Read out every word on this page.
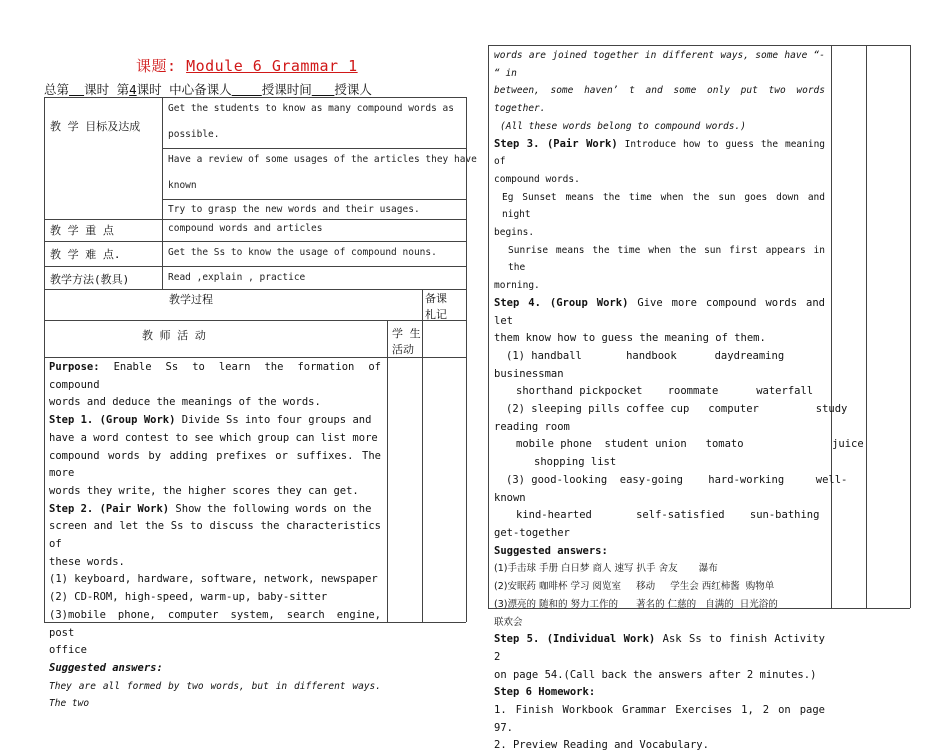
课题: Module 6 Grammar 1
总第 课时 第4课时 中心备课人 授课时间 授课人
教 学 目标及达成
Get the students to know as many compound words as
possible.
Have a review of some usages of the articles they have
known
Try to grasp the new words and their usages.
教 学 重 点	compound words and articles
教 学 难 点.	Get the Ss to know the usage of compound nouns.
教学方法(教具)	Read ,explain , practice
教学过程	备课
札记
教 师 活 动	学 生
活动

Purpose: Enable Ss to learn the formation of compound

words and deduce the meanings of the words.

Step 1. (Group Work) Divide Ss into four groups and

have a word contest to see which group can list more

compound words by adding prefixes or suffixes. The more

words they write, the higher scores they can get.

Step 2. (Pair Work) Show the following words on the

screen and let the Ss to discuss the characteristics of

these words.

(1) keyboard, hardware, software, network, newspaper

(2) CD-ROM, high-speed, warm-up, baby-sitter

(3)mobile phone, computer system, search engine, post

office

Suggested answers:

They are all formed by two words, but in different ways. The two

words are joined together in different ways, some have “- “ in

between, some haven’ t and some only put two words together.

(All these words belong to compound words.)

Step 3. (Pair Work) Introduce how to guess the meaning of

compound words.

Eg Sunset means the time when the sun goes down and night

begins.

Sunrise means the time when the sun first appears in the

morning.

Step 4. (Group Work) Give more compound words and let

them know how to guess the meaning of them.

(1) handball       handbook      daydreaming

businessman

shorthand pickpocket    roommate      waterfall

(2) sleeping pills coffee cup   computer         study

reading room

mobile phone  student union   tomato              juice

shopping list

(3) good-looking  easy-going    hard-working     well-

known

kind-hearted       self-satisfied    sun-bathing

get-together

Suggested answers:

(1)手击球 手册 白日梦 商人 速写 扒手 舍友       瀑布

(2)安眠药 咖啡杯 学习 阅览室     移动     学生会 西红柿酱  购物单

(3)漂亮的 随和的 努力工作的      著名的 仁慈的   自满的  日光浴的

联欢会

Step 5. (Individual Work) Ask Ss to finish Activity 2

on page 54.(Call back the answers after 2 minutes.)

Step 6 Homework:

1. Finish Workbook Grammar Exercises 1, 2 on page 97.

2. Preview Reading and Vocabulary.
